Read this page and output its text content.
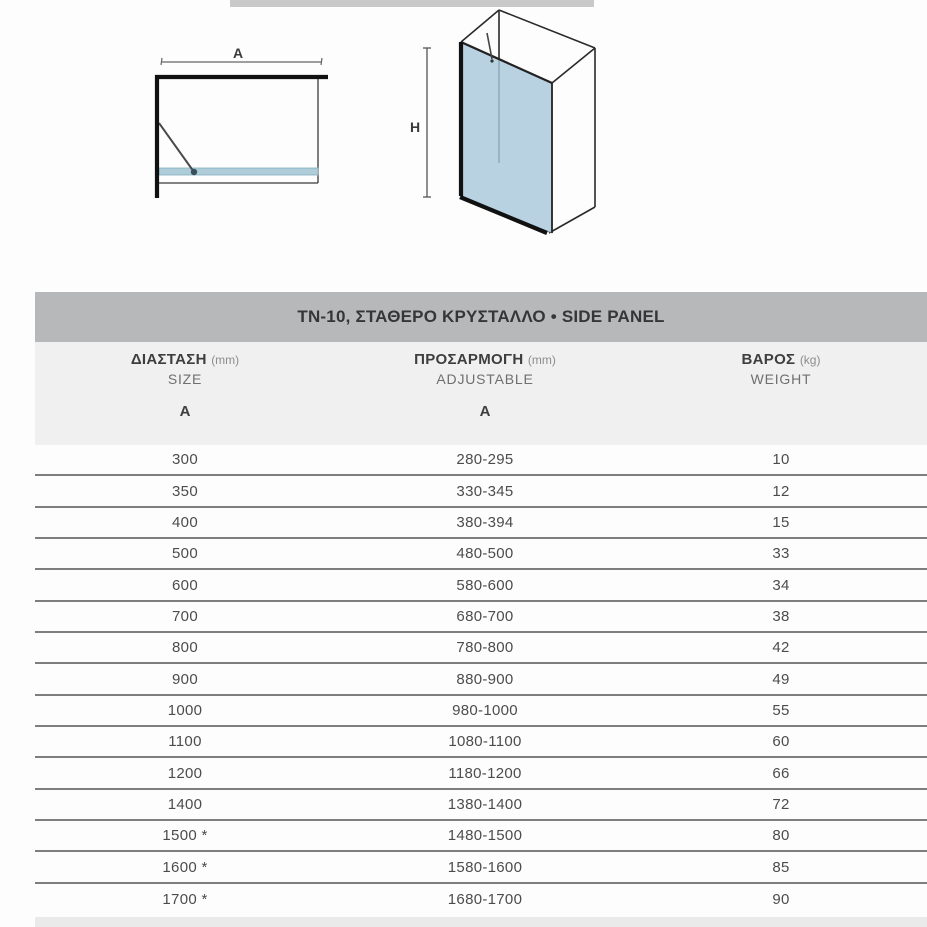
A
H
TN-10, ΣΤΑΘΕΡΟ ΚΡΥΣΤΑΛΛΟ • SIDE PANEL
ΔΙΑΣΤΑΣΗ (mm)
SIZE
A
ΠΡΟΣΑΡΜΟΓΗ (mm)
ADJUSTABLE
A
ΒΑΡΟΣ (kg)
WEIGHT
300	280-295	10
350	330-345	12
400	380-394	15
500	480-500	33
600	580-600	34
700	680-700	38
800	780-800	42
900	880-900	49
1000	980-1000	55
1100	1080-1100	60
1200	1180-1200	66
1400	1380-1400	72
1500 *	1480-1500	80
1600 *	1580-1600	85
1700 *	1680-1700	90
